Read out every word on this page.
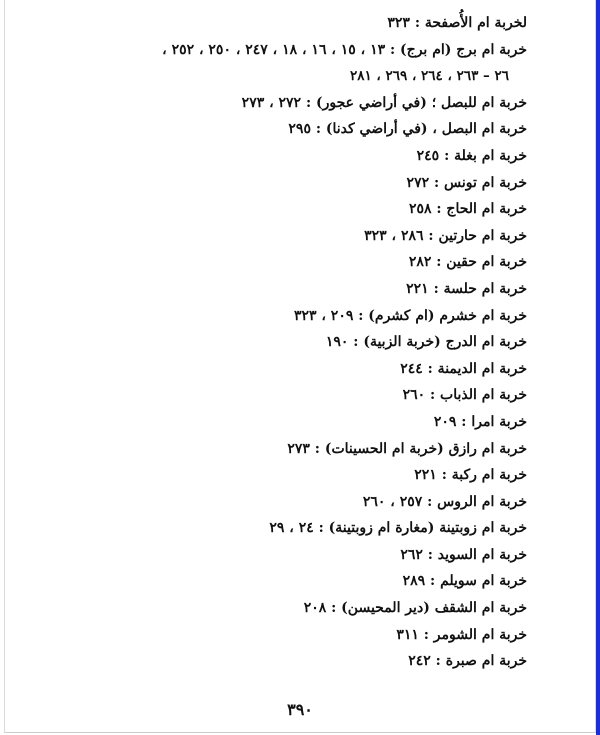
لخربة ام الأُصفحة : ٣٢٣
خربة ام برج (ام برج) : ١٣ ، ١٥ ، ١٦ ، ١٨ ، ٢٤٧ ، ٢٥٠ ، ٢٥٢ ،
٢٦ – ٢٦٣ ، ٢٦٤ ، ٢٦٩ ، ٢٨١
خربة ام للبصل ؛ (في أراضي عجور) : ٢٧٢ ، ٢٧٣
خربة ام البصل ، (في أراضي كدنا) : ٢٩٥
خربة ام بغلة : ٢٤٥
خربة ام تونس : ٢٧٢
خربة ام الحاج : ٢٥٨
خربة ام حارتين : ٢٨٦ ، ٣٢٣
خربة ام حقين : ٢٨٢
خربة ام حلسة : ٢٢١
خربة ام خشرم (ام كشرم) : ٢٠٩ ، ٣٢٣
خربة ام الدرج (خربة الزبية) : ١٩٠
خربة ام الديمنة : ٢٤٤
خربة ام الذباب : ٢٦٠
خربة امرا : ٢٠٩
خربة ام رازق (خربة ام الحسينات) : ٢٧٣
خربة ام ركبة : ٢٢١
خربة ام الروس : ٢٥٧ ، ٢٦٠
خربة ام زوبتينة (مغارة ام زوبتينة) : ٢٤ ، ٢٩
خربة ام السويد : ٢٦٢
خربة ام سويلم : ٢٨٩
خربة ام الشقف (دير المحيسن) : ٢٠٨
خربة ام الشومر : ٣١١
خربة ام صبرة : ٢٤٢
٣٩٠
